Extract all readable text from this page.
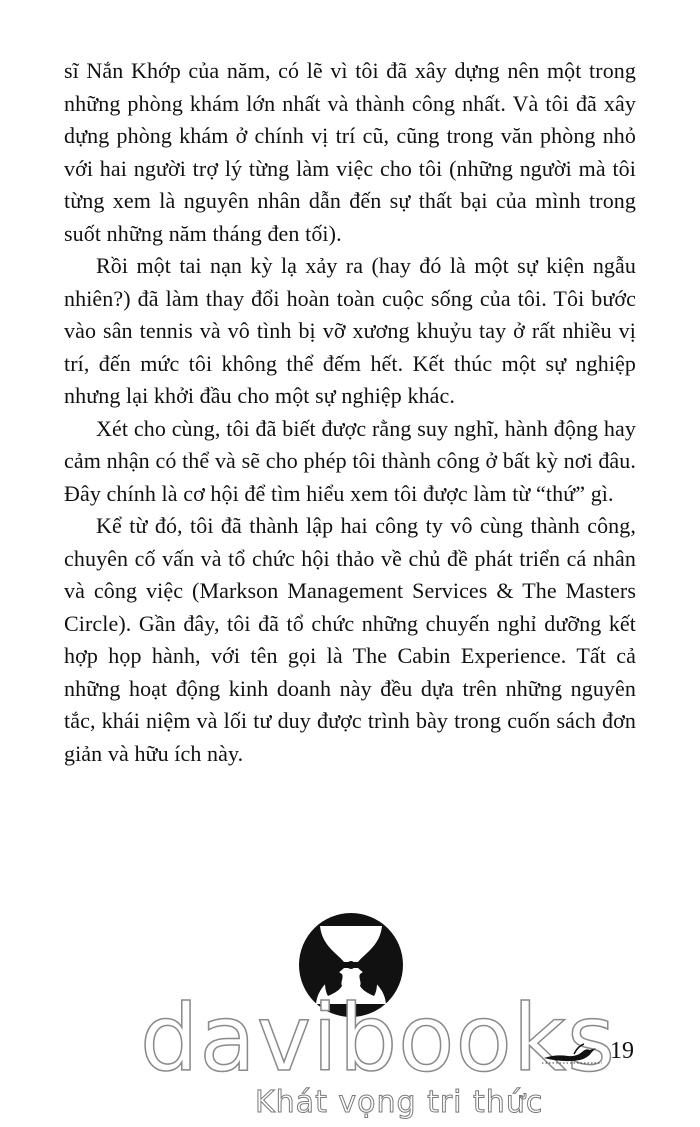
sĩ Nắn Khớp của năm, có lẽ vì tôi đã xây dựng nên một trong những phòng khám lớn nhất và thành công nhất. Và tôi đã xây dựng phòng khám ở chính vị trí cũ, cũng trong văn phòng nhỏ với hai người trợ lý từng làm việc cho tôi (những người mà tôi từng xem là nguyên nhân dẫn đến sự thất bại của mình trong suốt những năm tháng đen tối).

Rồi một tai nạn kỳ lạ xảy ra (hay đó là một sự kiện ngẫu nhiên?) đã làm thay đổi hoàn toàn cuộc sống của tôi. Tôi bước vào sân tennis và vô tình bị vỡ xương khuỷu tay ở rất nhiều vị trí, đến mức tôi không thể đếm hết. Kết thúc một sự nghiệp nhưng lại khởi đầu cho một sự nghiệp khác.

Xét cho cùng, tôi đã biết được rằng suy nghĩ, hành động hay cảm nhận có thể và sẽ cho phép tôi thành công ở bất kỳ nơi đâu. Đây chính là cơ hội để tìm hiểu xem tôi được làm từ “thứ” gì.

Kể từ đó, tôi đã thành lập hai công ty vô cùng thành công, chuyên cố vấn và tổ chức hội thảo về chủ đề phát triển cá nhân và công việc (Markson Management Services & The Masters Circle). Gần đây, tôi đã tổ chức những chuyến nghỉ dưỡng kết hợp họp hành, với tên gọi là The Cabin Experience. Tất cả những hoạt động kinh doanh này đều dựa trên những nguyên tắc, khái niệm và lối tư duy được trình bày trong cuốn sách đơn giản và hữu ích này.

davibooks
Khát vọng tri thức
19
